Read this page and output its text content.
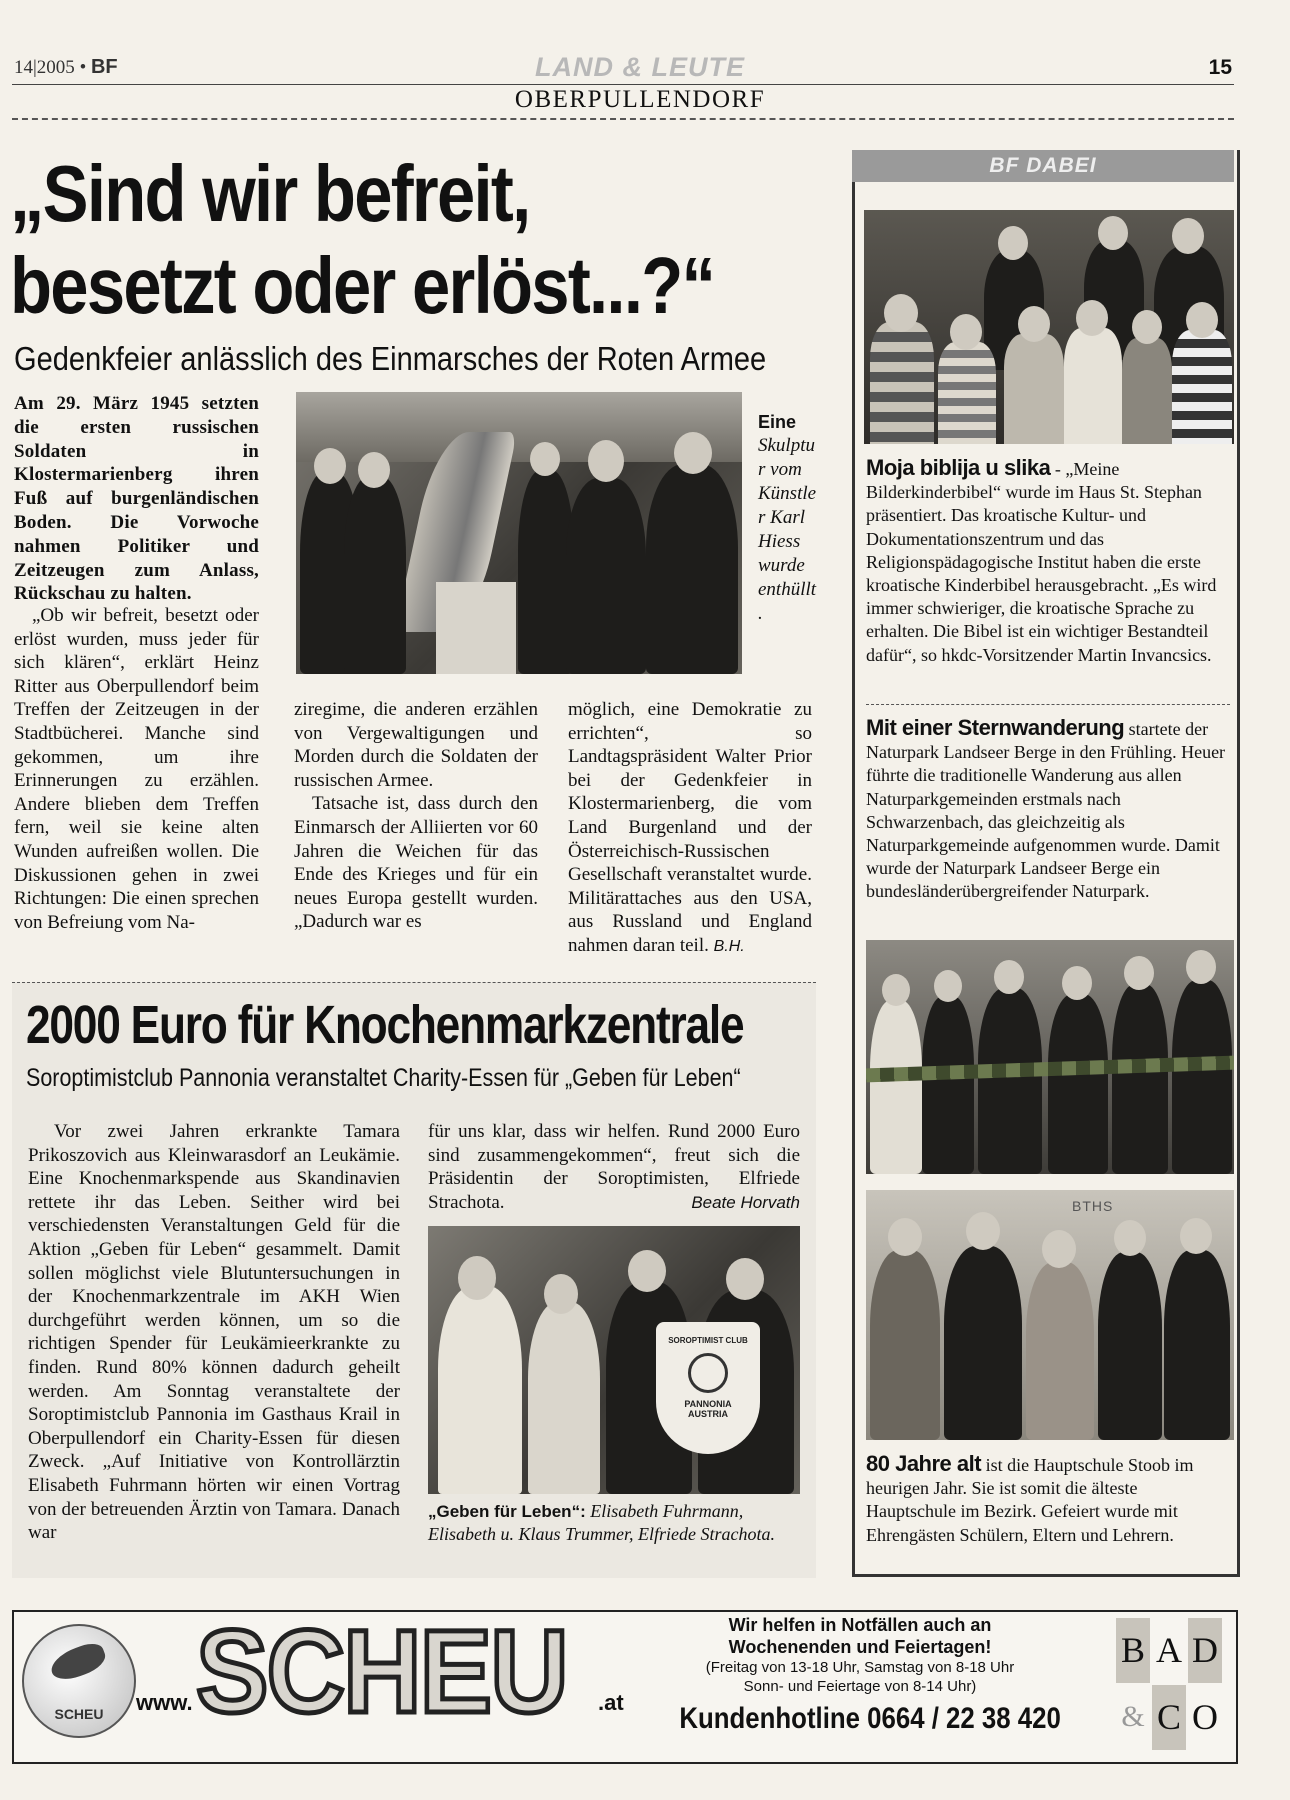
14|2005 • BF	LAND & LEUTE	15
OBERPULLENDORF
„Sind wir befreit,
besetzt oder erlöst...?“
Gedenkfeier anlässlich des Einmarsches der Roten Armee

Am 29. März 1945 setzten die ersten russischen Soldaten in Klostermarienberg ihren Fuß auf burgenländischen Boden. Die Vorwoche nahmen Politiker und Zeitzeugen zum Anlass, Rückschau zu halten.

Eine
Skulptur vom Künstler Karl Hiess wurde enthüllt.

„Ob wir befreit, besetzt oder erlöst wurden, muss jeder für sich klären“, erklärt Heinz Ritter aus Oberpullendorf beim Treffen der Zeitzeugen in der Stadtbücherei. Manche sind gekommen, um ihre Erinnerungen zu erzählen. Andere blieben dem Treffen fern, weil sie keine alten Wunden aufreißen wollen. Die Diskussionen gehen in zwei Richtungen: Die einen sprechen von Befreiung vom Na-

ziregime, die anderen erzählen von Vergewaltigungen und Morden durch die Soldaten der russischen Armee.

Tatsache ist, dass durch den Einmarsch der Alliierten vor 60 Jahren die Weichen für das Ende des Krieges und für ein neues Europa gestellt wurden. „Dadurch war es

möglich, eine Demokratie zu errichten“, so Landtagspräsident Walter Prior bei der Gedenkfeier in Klostermarienberg, die vom Land Burgenland und der Österreichisch-Russischen Gesellschaft veranstaltet wurde. Militärattaches aus den USA, aus Russland und England nahmen daran teil. B.H.

2000 Euro für Knochenmarkzentrale
Soroptimistclub Pannonia veranstaltet Charity-Essen für „Geben für Leben“

Vor zwei Jahren erkrankte Tamara Prikoszovich aus Kleinwarasdorf an Leukämie. Eine Knochenmarkspende aus Skandinavien rettete ihr das Leben. Seither wird bei verschiedensten Veranstaltungen Geld für die Aktion „Geben für Leben“ gesammelt. Damit sollen möglichst viele Blutuntersuchungen in der Knochenmarkzentrale im AKH Wien durchgeführt werden können, um so die richtigen Spender für Leukämieerkrankte zu finden. Rund 80% können dadurch geheilt werden. Am Sonntag veranstaltete der Soroptimistclub Pannonia im Gasthaus Krail in Oberpullendorf ein Charity-Essen für diesen Zweck. „Auf Initiative von Kontrollärztin Elisabeth Fuhrmann hörten wir einen Vortrag von der betreuenden Ärztin von Tamara. Danach war

für uns klar, dass wir helfen. Rund 2000 Euro sind zusammengekommen“, freut sich die Präsidentin der Soroptimisten, Elfriede Strachota.	Beate Horvath

SOROPTIMIST CLUB
PANNONIA
AUSTRIA
„Geben für Leben“: Elisabeth Fuhrmann, Elisabeth u. Klaus Trummer, Elfriede Strachota.
BF DABEI

Moja biblija u slika - „Meine Bilderkinderbibel“ wurde im Haus St. Stephan präsentiert. Das kroatische Kultur- und Dokumentationszentrum und das Religionspädagogische Institut haben die erste kroatische Kinderbibel herausgebracht. „Es wird immer schwieriger, die kroatische Sprache zu erhalten. Die Bibel ist ein wichtiger Bestandteil dafür“, so hkdc-Vorsitzender Martin Invancsics.

Mit einer Sternwanderung startete der Naturpark Landseer Berge in den Frühling. Heuer führte die traditionelle Wanderung aus allen Naturparkgemeinden erstmals nach Schwarzenbach, das gleichzeitig als Naturparkgemeinde aufgenommen wurde. Damit wurde der Naturpark Landseer Berge ein bundesländerübergreifender Naturpark.

BTHS

80 Jahre alt ist die Hauptschule Stoob im heurigen Jahr. Sie ist somit die älteste Hauptschule im Bezirk. Gefeiert wurde mit Ehrengästen Schülern, Eltern und Lehrern.

SCHEU	www. SCHEU .at
Wir helfen in Notfällen auch an
Wochenenden und Feiertagen!
(Freitag von 13-18 Uhr, Samstag von 8-18 Uhr
Sonn- und Feiertage von 8-14 Uhr)
Kundenhotline 0664 / 22 38 420
B A D
& C O
